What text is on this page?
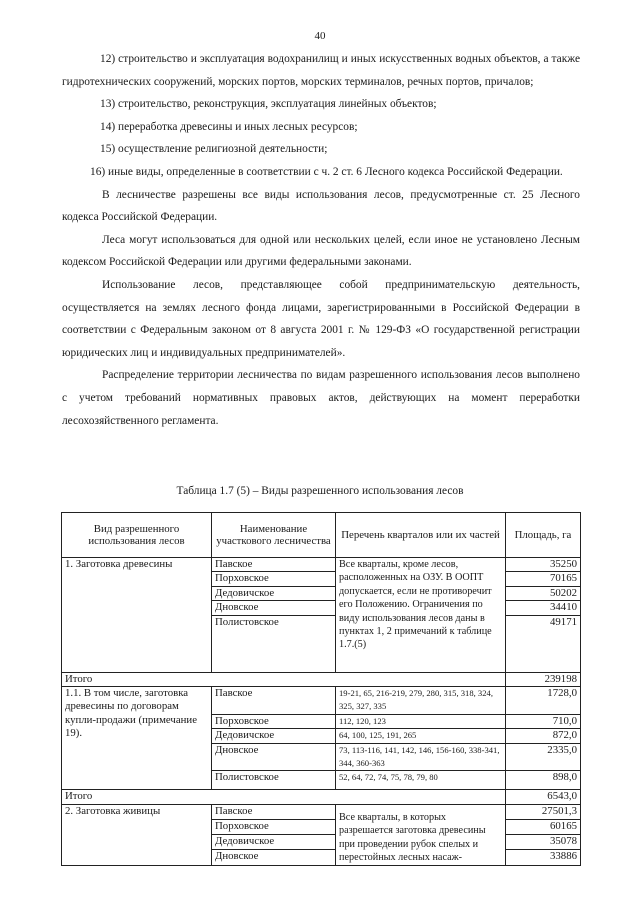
40

12) строительство и эксплуатация водохранилищ и иных искусственных водных объектов, а также гидротехнических сооружений, морских портов, морских терминалов, речных портов, причалов;

13) строительство, реконструкция, эксплуатация линейных объектов;

14) переработка древесины и иных лесных ресурсов;

15) осуществление религиозной деятельности;

16) иные виды, определенные в соответствии с ч. 2 ст. 6 Лесного кодекса Российской Федерации.

В лесничестве разрешены все виды использования лесов, предусмотренные ст. 25 Лесного кодекса Российской Федерации.

Леса могут использоваться для одной или нескольких целей, если иное не установлено Лесным кодексом Российской Федерации или другими федеральными законами.

Использование лесов, представляющее собой предпринимательскую деятельность, осуществляется на землях лесного фонда лицами, зарегистрированными в Российской Федерации в соответствии с Федеральным законом от 8 августа 2001 г. № 129-ФЗ «О государственной регистрации юридических лиц и индивидуальных предпринимателей».

Распределение территории лесничества по видам разрешенного использования лесов выполнено с учетом требований нормативных правовых актов, действующих на момент переработки лесохозяйственного регламента.

Таблица 1.7 (5) – Виды разрешенного использования лесов
Вид разрешенного использования лесов	Наименование участкового лесничества	Перечень кварталов или их частей	Площадь, га
1. Заготовка древесины	Павское	Все кварталы, кроме лесов, расположенных на ОЗУ. В ООПТ допускается, если не противоречит его Положению. Ограничения по виду использования лесов даны в пунктах 1, 2 примечаний к таблице 1.7.(5)	35250
	Порховское		70165
	Дедовичское		50202
	Дновское		34410
	Полистовское		49171
Итого			239198
1.1. В том числе, заготовка древесины по договорам купли-продажи (примечание 19).	Павское	19-21, 65, 216-219, 279, 280, 315, 318, 324, 325, 327, 335	1728,0
	Порховское	112, 120, 123	710,0
	Дедовичское	64, 100, 125, 191, 265	872,0
	Дновское	73, 113-116, 141, 142, 146, 156-160, 338-341, 344, 360-363	2335,0
	Полистовское	52, 64, 72, 74, 75, 78, 79, 80	898,0
Итого			6543,0
2. Заготовка живицы	Павское	Все кварталы, в которых разрешается заготовка древесины при проведении рубок спелых и перестойных лесных насаж-	27501,3
	Порховское		60165
	Дедовичское		35078
	Дновское		33886
